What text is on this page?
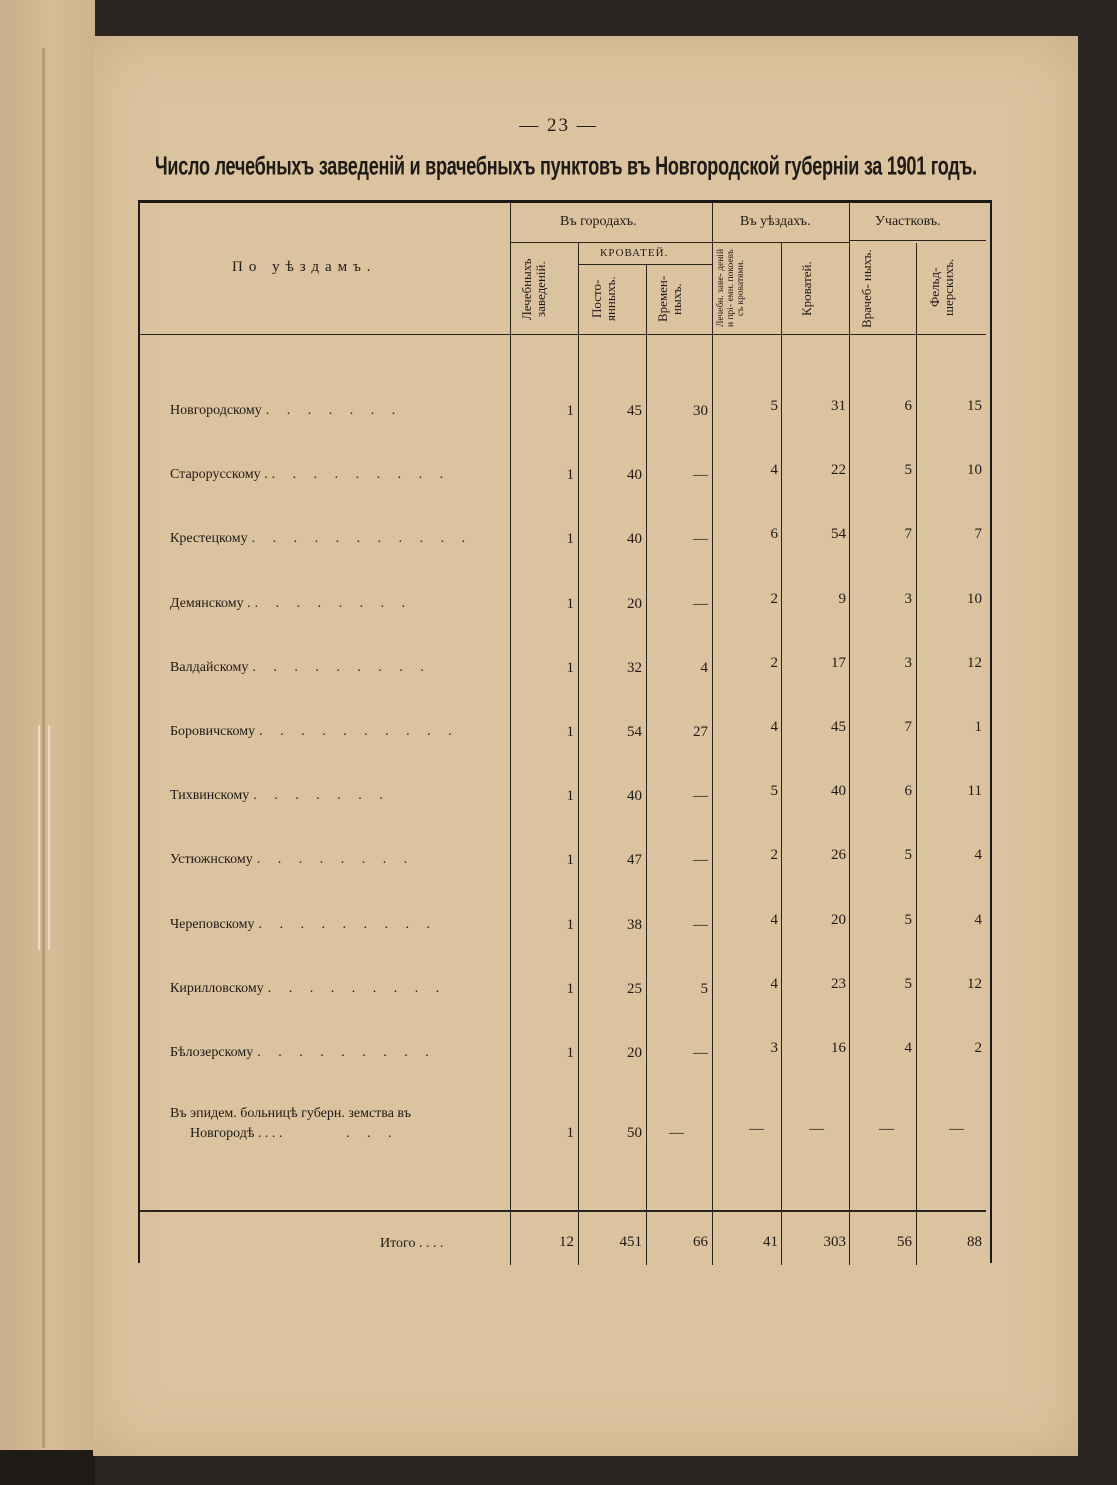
— 23 —
Число лечебныхъ заведенiй и врачебныхъ пунктовъ въ Новгородской губернiи за 1901 годъ.
По уѣздамъ.
Въ городахъ.	Въ уѣздахъ.	Участковъ.
КРОВАТЕЙ.
Лечебныхъ заведенiй.	Посто- янныхъ.	Времен- ныхъ.	Лечебн. заве- денiй и прi- емн. покоевъ съ кроватями.	Кроватей.	Врачеб- ныхъ.	Фельд- шерскихъ.
Новгородскому . . . . . . .	1	45	30	5	31	6	15
Старорусскому . . . . . . . . . .	1	40	—	4	22	5	10
Крестецкому . . . . . . . . . . .	1	40	—	6	54	7	7
Демянскому . . . . . . . . .	1	20	—	2	9	3	10
Валдайскому . . . . . . . . .	1	32	4	2	17	3	12
Боровичскому . . . . . . . . . .	1	54	27	4	45	7	1
Тихвинскому . . . . . . .	1	40	—	5	40	6	11
Устюжнскому . . . . . . . .	1	47	—	2	26	5	4
Череповскому . . . . . . . . .	1	38	—	4	20	5	4
Кирилловскому . . . . . . . . .	1	25	5	4	23	5	12
Бѣлозерскому . . . . . . . . .	1	20	—	3	16	4	2
Въ эпидем. больницѣ губерн. земства въ
Новгородѣ . . . .	. . .	1	50	—	—	—	—	—
Итого . . . .	12	451	66	41	303	56	88
